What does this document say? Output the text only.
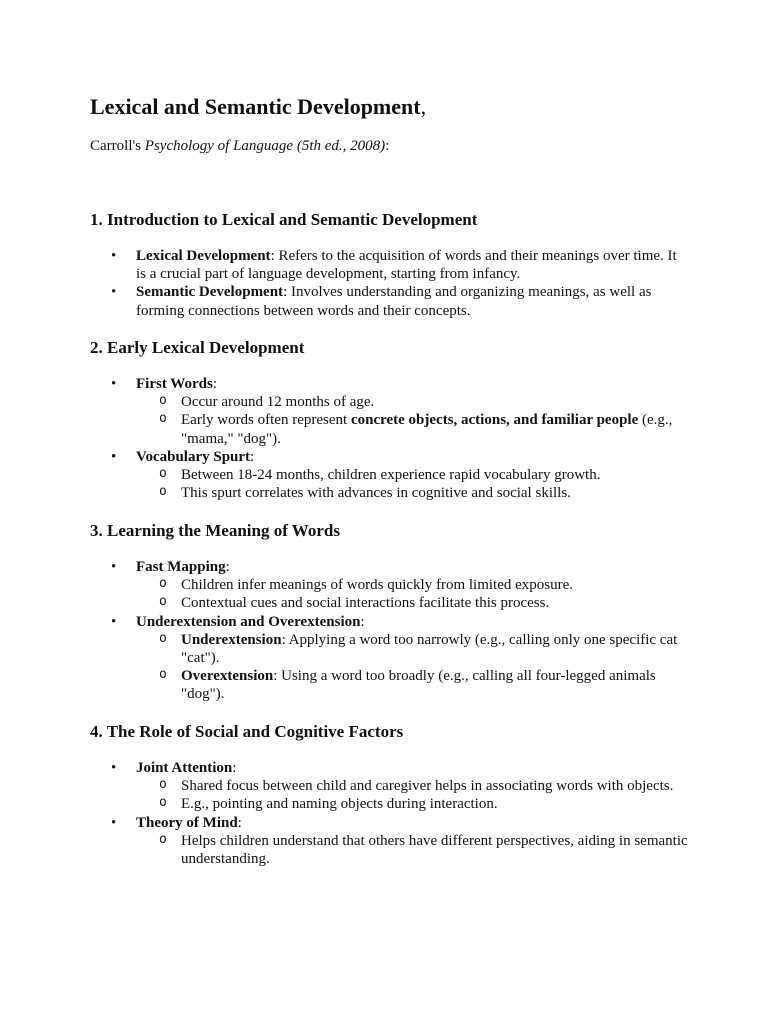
Lexical and Semantic Development,

Carroll's Psychology of Language (5th ed., 2008):

1. Introduction to Lexical and Semantic Development
• Lexical Development: Refers to the acquisition of words and their meanings over time. It is a crucial part of language development, starting from infancy.
• Semantic Development: Involves understanding and organizing meanings, as well as forming connections between words and their concepts.
2. Early Lexical Development
• First Words:
o Occur around 12 months of age.
o Early words often represent concrete objects, actions, and familiar people (e.g., "mama," "dog").
• Vocabulary Spurt:
o Between 18-24 months, children experience rapid vocabulary growth.
o This spurt correlates with advances in cognitive and social skills.
3. Learning the Meaning of Words
• Fast Mapping:
o Children infer meanings of words quickly from limited exposure.
o Contextual cues and social interactions facilitate this process.
• Underextension and Overextension:
o Underextension: Applying a word too narrowly (e.g., calling only one specific cat "cat").
o Overextension: Using a word too broadly (e.g., calling all four-legged animals "dog").
4. The Role of Social and Cognitive Factors
• Joint Attention:
o Shared focus between child and caregiver helps in associating words with objects.
o E.g., pointing and naming objects during interaction.
• Theory of Mind:
o Helps children understand that others have different perspectives, aiding in semantic understanding.
